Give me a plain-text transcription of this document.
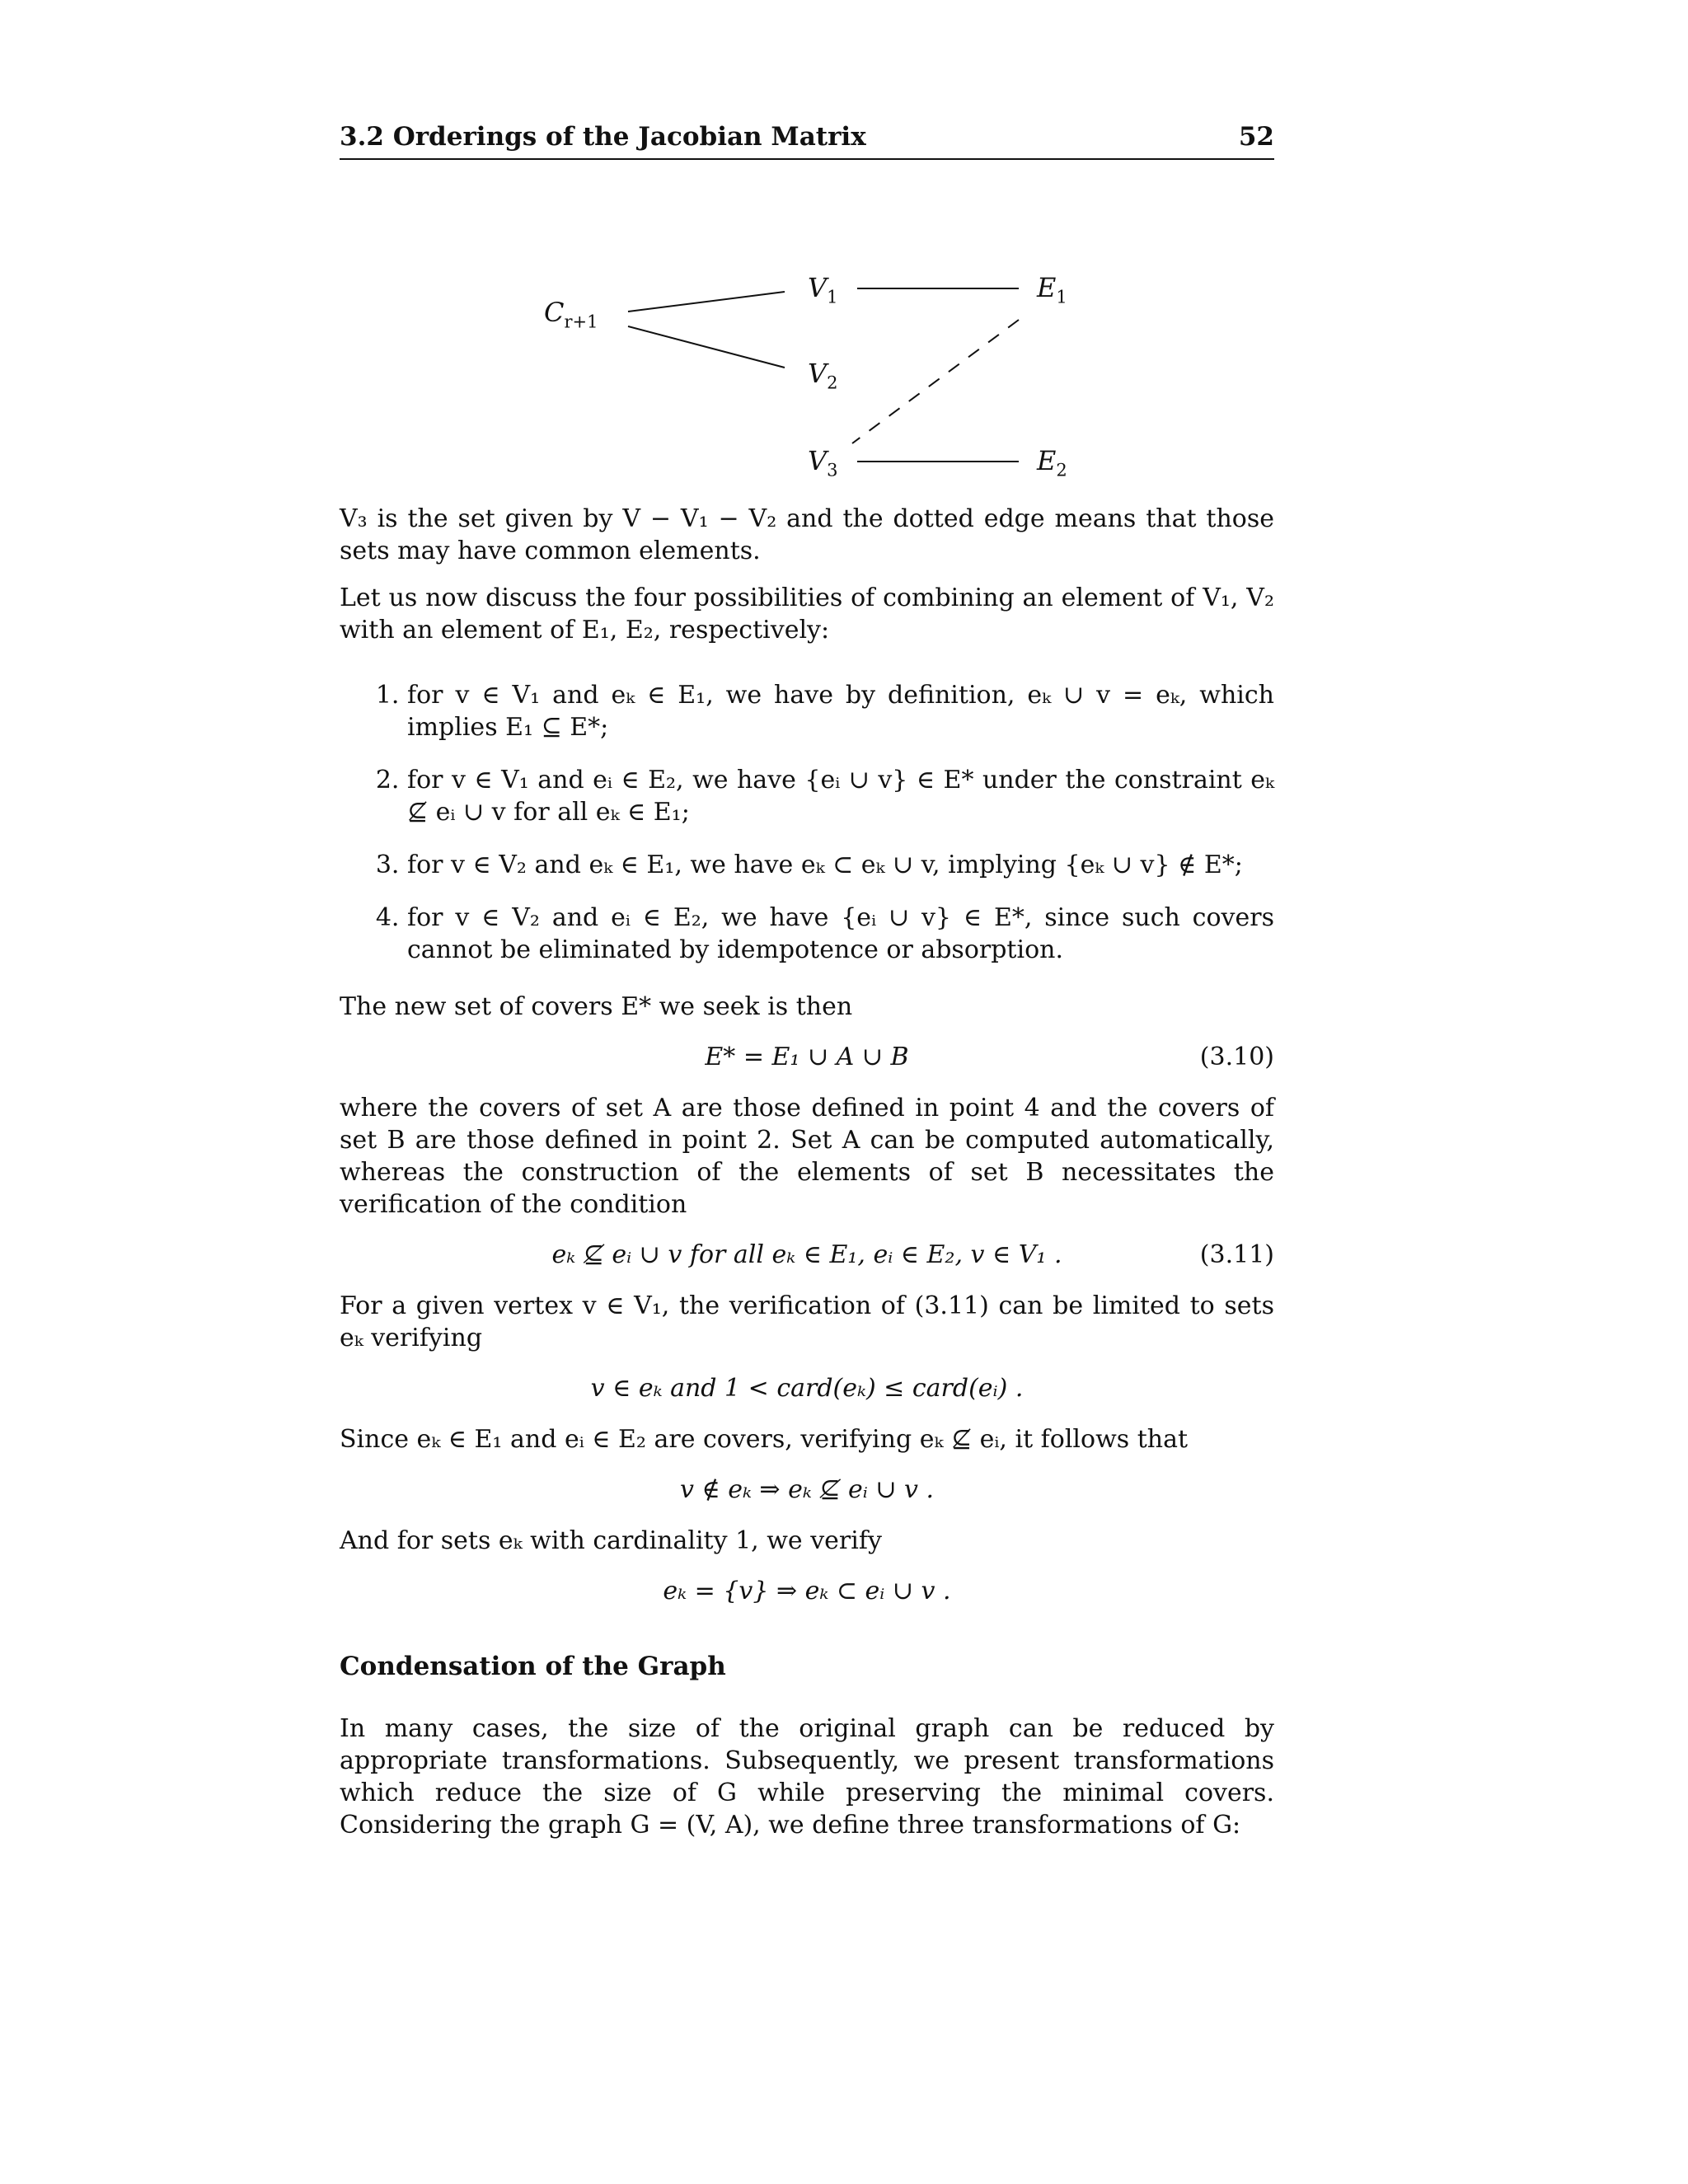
3.2 Orderings of the Jacobian Matrix	52
$C_{r+1}$
$V_1$
$V_2$
$V_3$
$E_1$
$E_2$

V₃ is the set given by V − V₁ − V₂ and the dotted edge means that those sets may have common elements.

Let us now discuss the four possibilities of combining an element of V₁, V₂ with an element of E₁, E₂, respectively:

1. for v ∈ V₁ and eₖ ∈ E₁, we have by definition, eₖ ∪ v = eₖ, which implies E₁ ⊆ E*;
2. for v ∈ V₁ and eᵢ ∈ E₂, we have {eᵢ ∪ v} ∈ E* under the constraint eₖ ⊈ eᵢ ∪ v for all eₖ ∈ E₁;
3. for v ∈ V₂ and eₖ ∈ E₁, we have eₖ ⊂ eₖ ∪ v, implying {eₖ ∪ v} ∉ E*;
4. for v ∈ V₂ and eᵢ ∈ E₂, we have {eᵢ ∪ v} ∈ E*, since such covers cannot be eliminated by idempotence or absorption.

The new set of covers E* we seek is then

E* = E₁ ∪ A ∪ B	(3.10)

where the covers of set A are those defined in point 4 and the covers of set B are those defined in point 2. Set A can be computed automatically, whereas the construction of the elements of set B necessitates the verification of the condition

eₖ ⊈ eᵢ ∪ v for all eₖ ∈ E₁, eᵢ ∈ E₂, v ∈ V₁ .	(3.11)

For a given vertex v ∈ V₁, the verification of (3.11) can be limited to sets eₖ verifying

v ∈ eₖ and 1 < card(eₖ) ≤ card(eᵢ) .

Since eₖ ∈ E₁ and eᵢ ∈ E₂ are covers, verifying eₖ ⊈ eᵢ, it follows that

v ∉ eₖ ⇒ eₖ ⊈ eᵢ ∪ v .

And for sets eₖ with cardinality 1, we verify

eₖ = {v} ⇒ eₖ ⊂ eᵢ ∪ v .
Condensation of the Graph

In many cases, the size of the original graph can be reduced by appropriate transformations. Subsequently, we present transformations which reduce the size of G while preserving the minimal covers. Considering the graph G = (V, A), we define three transformations of G:
